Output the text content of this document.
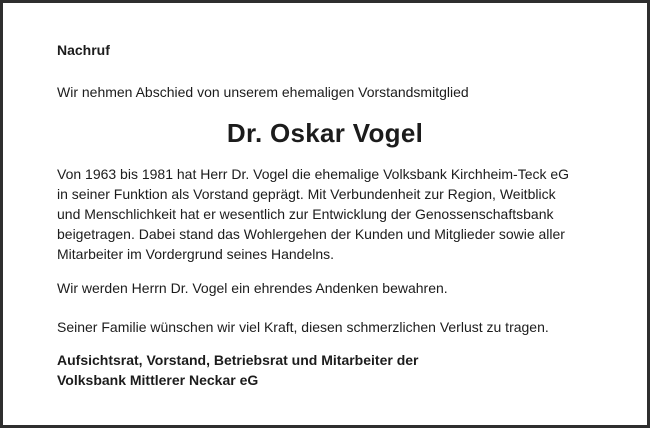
Nachruf

Wir nehmen Abschied von unserem ehemaligen Vorstandsmitglied

Dr. Oskar Vogel

Von 1963 bis 1981 hat Herr Dr. Vogel die ehemalige Volksbank Kirchheim-Teck eG
in seiner Funktion als Vorstand geprägt. Mit Verbundenheit zur Region, Weitblick
und Menschlichkeit hat er wesentlich zur Entwicklung der Genossenschaftsbank
beigetragen. Dabei stand das Wohlergehen der Kunden und Mitglieder sowie aller
Mitarbeiter im Vordergrund seines Handelns.

Wir werden Herrn Dr. Vogel ein ehrendes Andenken bewahren.

Seiner Familie wünschen wir viel Kraft, diesen schmerzlichen Verlust zu tragen.

Aufsichtsrat, Vorstand, Betriebsrat und Mitarbeiter der
Volksbank Mittlerer Neckar eG
